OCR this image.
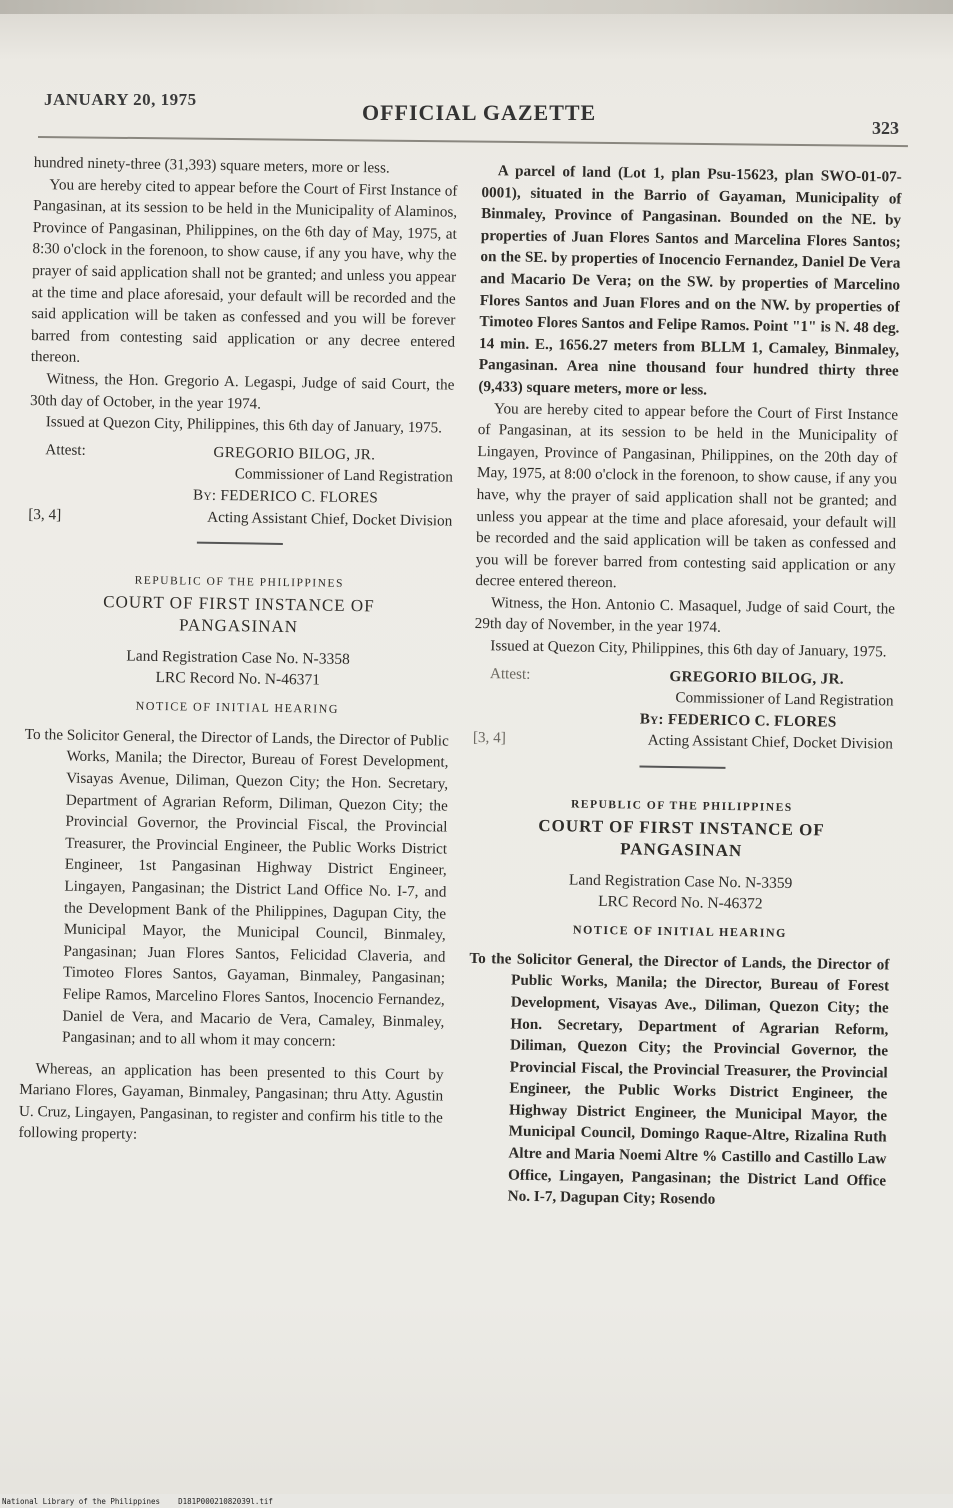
JANUARY 20, 1975
OFFICIAL GAZETTE
323

hundred ninety-three (31,393) square meters, more or less.

You are hereby cited to appear before the Court of First Instance of Pangasinan, at its session to be held in the Municipality of Alaminos, Province of Pangasinan, Philippines, on the 6th day of May, 1975, at 8:30 o'clock in the forenoon, to show cause, if any you have, why the prayer of said application shall not be granted; and unless you appear at the time and place aforesaid, your default will be recorded and the said application will be taken as confessed and you will be forever barred from contesting said application or any decree entered thereon.

Witness, the Hon. Gregorio A. Legaspi, Judge of said Court, the 30th day of October, in the year 1974.

Issued at Quezon City, Philippines, this 6th day of January, 1975.

Attest:	GREGORIO BILOG, JR.
Commissioner of Land Registration
By: FEDERICO C. FLORES
[3, 4]	Acting Assistant Chief, Docket Division
REPUBLIC OF THE PHILIPPINES
COURT OF FIRST INSTANCE OF
PANGASINAN
Land Registration Case No. N-3358
LRC Record No. N-46371
NOTICE OF INITIAL HEARING

To the Solicitor General, the Director of Lands, the Director of Public Works, Manila; the Director, Bureau of Forest Development, Visayas Avenue, Diliman, Quezon City; the Hon. Secretary, Department of Agrarian Reform, Diliman, Quezon City; the Provincial Governor, the Provincial Fiscal, the Provincial Treasurer, the Provincial Engineer, the Public Works District Engineer, 1st Pangasinan Highway District Engineer, Lingayen, Pangasinan; the District Land Office No. I-7, and the Development Bank of the Philippines, Dagupan City, the Municipal Mayor, the Municipal Council, Binmaley, Pangasinan; Juan Flores Santos, Felicidad Claveria, and Timoteo Flores Santos, Gayaman, Binmaley, Pangasinan; Felipe Ramos, Marcelino Flores Santos, Inocencio Fernandez, Daniel de Vera, and Macario de Vera, Camaley, Binmaley, Pangasinan; and to all whom it may concern:

Whereas, an application has been presented to this Court by Mariano Flores, Gayaman, Binmaley, Pangasinan; thru Atty. Agustin U. Cruz, Lingayen, Pangasinan, to register and confirm his title to the following property:

A parcel of land (Lot 1, plan Psu-15623, plan SWO-01-07-0001), situated in the Barrio of Gayaman, Municipality of Binmaley, Province of Pangasinan. Bounded on the NE. by properties of Juan Flores Santos and Marcelina Flores Santos; on the SE. by properties of Inocencio Fernandez, Daniel De Vera and Macario De Vera; on the SW. by properties of Marcelino Flores Santos and Juan Flores and on the NW. by properties of Timoteo Flores Santos and Felipe Ramos. Point "1" is N. 48 deg. 14 min. E., 1656.27 meters from BLLM 1, Camaley, Binmaley, Pangasinan. Area nine thousand four hundred thirty three (9,433) square meters, more or less.

You are hereby cited to appear before the Court of First Instance of Pangasinan, at its session to be held in the Municipality of Lingayen, Province of Pangasinan, Philippines, on the 20th day of May, 1975, at 8:00 o'clock in the forenoon, to show cause, if any you have, why the prayer of said application shall not be granted; and unless you appear at the time and place aforesaid, your default will be recorded and the said application will be taken as confessed and you will be forever barred from contesting said application or any decree entered thereon.

Witness, the Hon. Antonio C. Masaquel, Judge of said Court, the 29th day of November, in the year 1974.

Issued at Quezon City, Philippines, this 6th day of January, 1975.

Attest:	GREGORIO BILOG, JR.
Commissioner of Land Registration
By: FEDERICO C. FLORES
[3, 4]	Acting Assistant Chief, Docket Division
REPUBLIC OF THE PHILIPPINES
COURT OF FIRST INSTANCE OF
PANGASINAN
Land Registration Case No. N-3359
LRC Record No. N-46372
NOTICE OF INITIAL HEARING

To the Solicitor General, the Director of Lands, the Director of Public Works, Manila; the Director, Bureau of Forest Development, Visayas Ave., Diliman, Quezon City; the Hon. Secretary, Department of Agrarian Reform, Diliman, Quezon City; the Provincial Governor, the Provincial Fiscal, the Provincial Treasurer, the Provincial Engineer, the Public Works District Engineer, the Highway District Engineer, the Municipal Mayor, the Municipal Council, Domingo Raque-Altre, Rizalina Ruth Altre and Maria Noemi Altre % Castillo and Castillo Law Office, Lingayen, Pangasinan; the District Land Office No. I-7, Dagupan City; Rosendo

National Library of the Philippines    D181P00021082039l.tif
